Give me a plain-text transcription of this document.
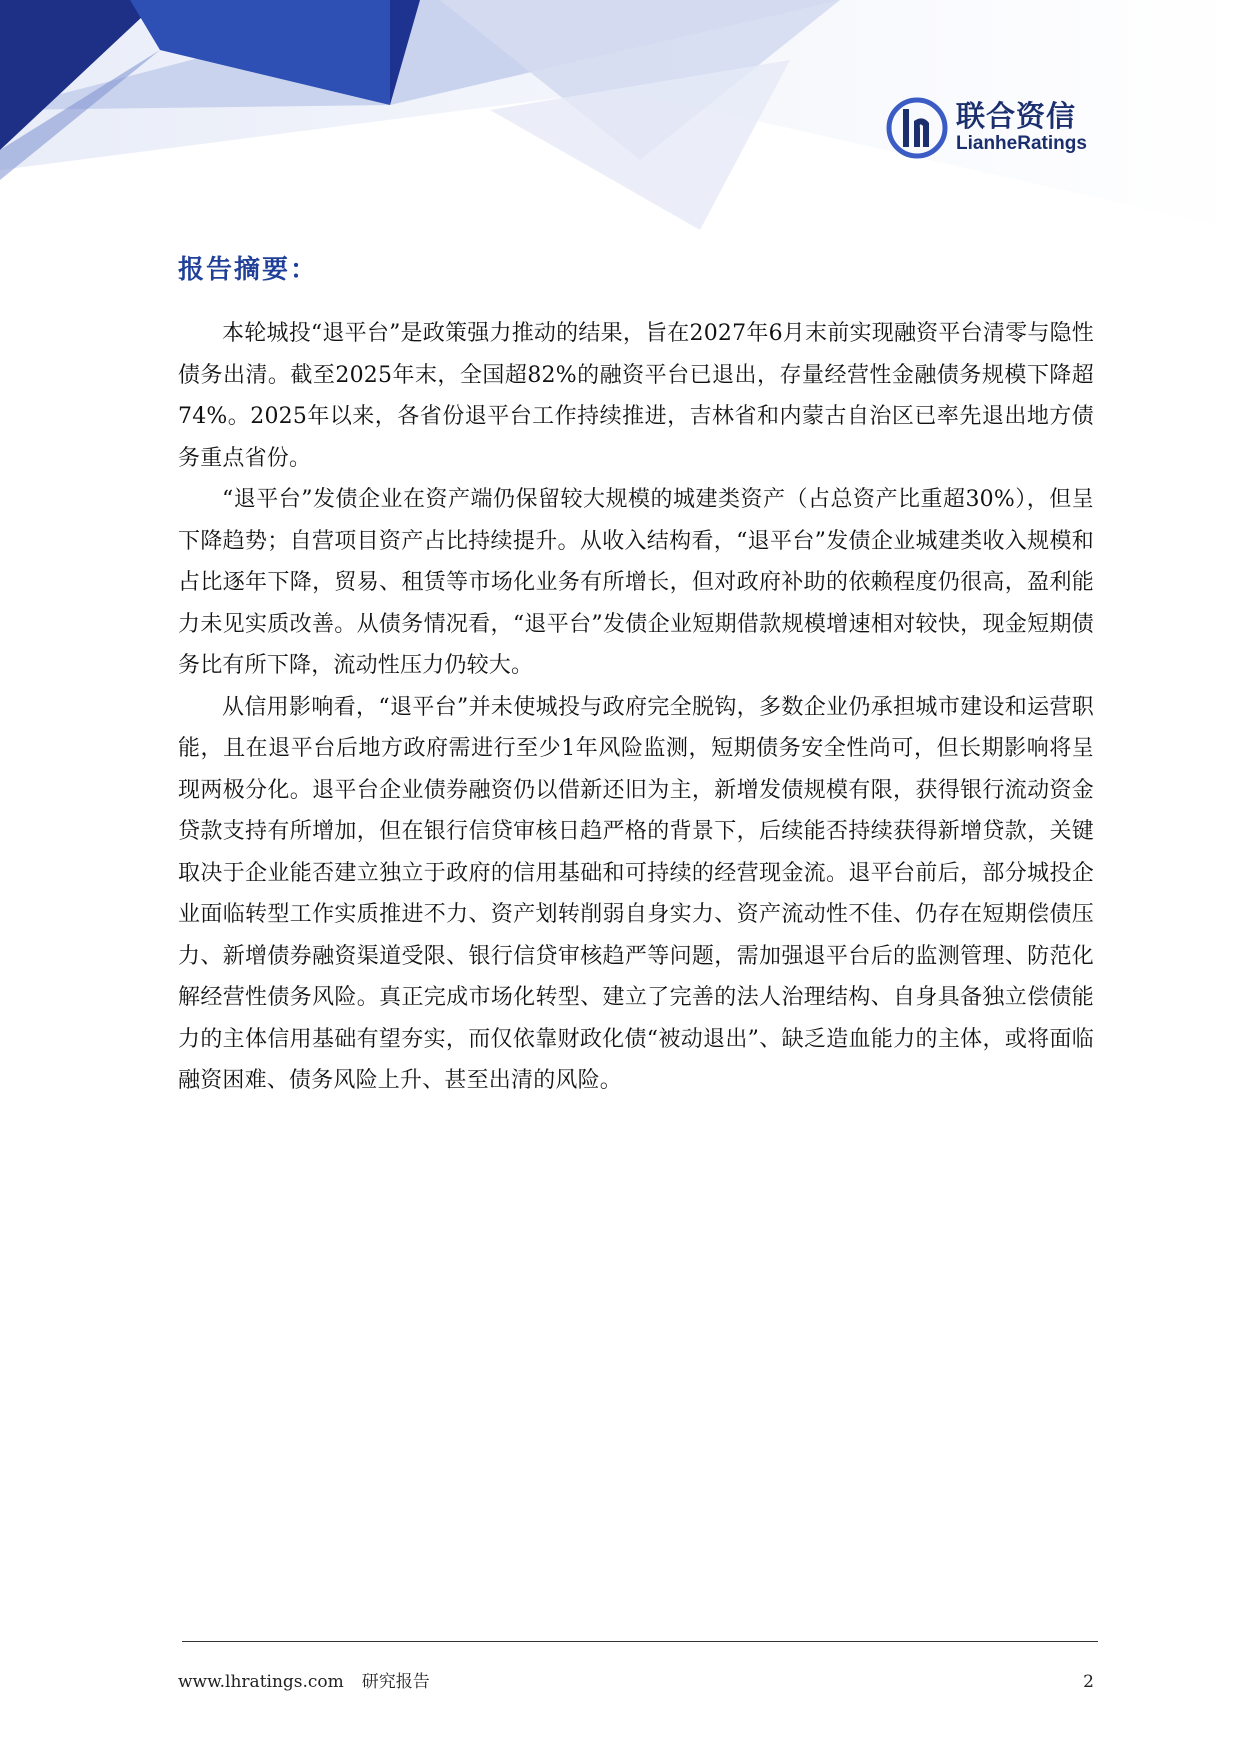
联合资信
LianheRatings
报告摘要：

本轮城投“退平台”是政策强力推动的结果，旨在2027年6月末前实现融资平台清零与隐性债务出清。截至2025年末，全国超82%的融资平台已退出，存量经营性金融债务规模下降超74%。2025年以来，各省份退平台工作持续推进，吉林省和内蒙古自治区已率先退出地方债务重点省份。

“退平台”发债企业在资产端仍保留较大规模的城建类资产（占总资产比重超30%），但呈下降趋势；自营项目资产占比持续提升。从收入结构看，“退平台”发债企业城建类收入规模和占比逐年下降，贸易、租赁等市场化业务有所增长，但对政府补助的依赖程度仍很高，盈利能力未见实质改善。从债务情况看，“退平台”发债企业短期借款规模增速相对较快，现金短期债务比有所下降，流动性压力仍较大。

从信用影响看，“退平台”并未使城投与政府完全脱钩，多数企业仍承担城市建设和运营职能，且在退平台后地方政府需进行至少1年风险监测，短期债务安全性尚可，但长期影响将呈现两极分化。退平台企业债券融资仍以借新还旧为主，新增发债规模有限，获得银行流动资金贷款支持有所增加，但在银行信贷审核日趋严格的背景下，后续能否持续获得新增贷款，关键取决于企业能否建立独立于政府的信用基础和可持续的经营现金流。退平台前后，部分城投企业面临转型工作实质推进不力、资产划转削弱自身实力、资产流动性不佳、仍存在短期偿债压力、新增债券融资渠道受限、银行信贷审核趋严等问题，需加强退平台后的监测管理、防范化解经营性债务风险。真正完成市场化转型、建立了完善的法人治理结构、自身具备独立偿债能力的主体信用基础有望夯实，而仅依靠财政化债“被动退出”、缺乏造血能力的主体，或将面临融资困难、债务风险上升、甚至出清的风险。

www.lhratings.com 研究报告	2
